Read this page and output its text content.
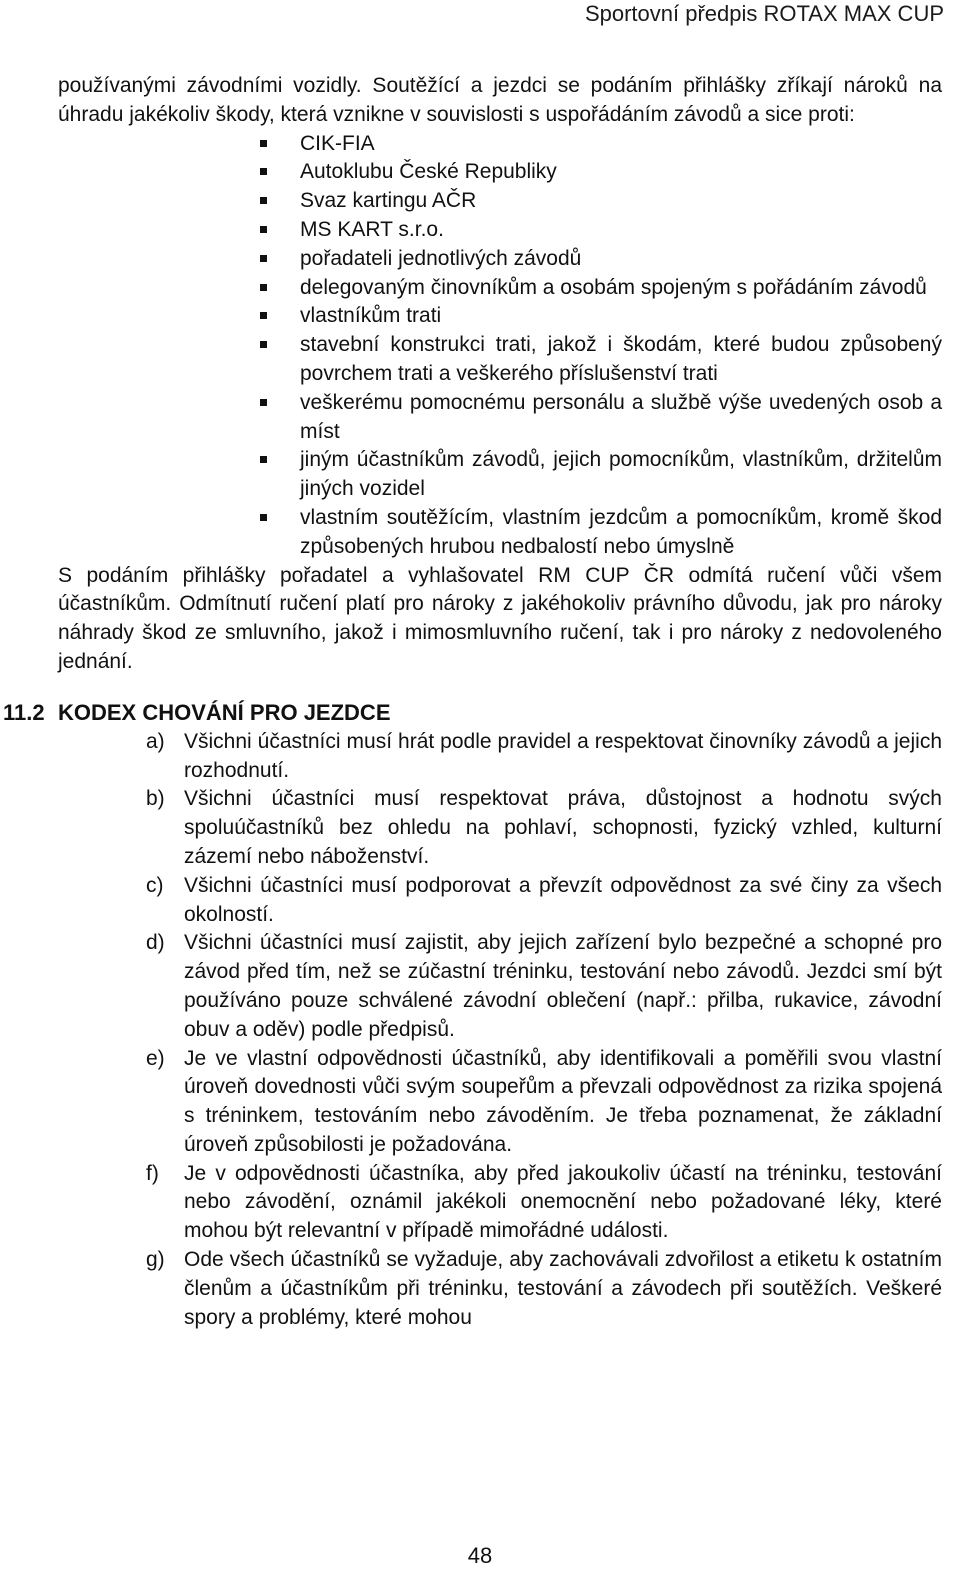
Sportovní předpis ROTAX MAX CUP

používanými závodními vozidly. Soutěžící a jezdci se podáním přihlášky zříkají nároků na úhradu jakékoliv škody, která vznikne v souvislosti s uspořádáním závodů a sice proti:

CIK-FIA
Autoklubu České Republiky
Svaz kartingu AČR
MS KART s.r.o.
pořadateli jednotlivých závodů
delegovaným činovníkům a osobám spojeným s pořádáním závodů
vlastníkům trati
stavební konstrukci trati, jakož i škodám, které budou způsobený povrchem trati a veškerého příslušenství trati
veškerému pomocnému personálu a službě výše uvedených osob a míst
jiným účastníkům závodů, jejich pomocníkům, vlastníkům, držitelům jiných vozidel
vlastním soutěžícím, vlastním jezdcům a pomocníkům, kromě škod způsobených hrubou nedbalostí nebo úmyslně

S podáním přihlášky pořadatel a vyhlašovatel RM CUP ČR odmítá ručení vůči všem účastníkům. Odmítnutí ručení platí pro nároky z jakéhokoliv právního důvodu, jak pro nároky náhrady škod ze smluvního, jakož i mimosmluvního ručení, tak i pro nároky z nedovoleného jednání.

11.2 KODEX CHOVÁNÍ PRO JEZDCE
a) Všichni účastníci musí hrát podle pravidel a respektovat činovníky závodů a jejich rozhodnutí.
b) Všichni účastníci musí respektovat práva, důstojnost a hodnotu svých spoluúčastníků bez ohledu na pohlaví, schopnosti, fyzický vzhled, kulturní zázemí nebo náboženství.
c) Všichni účastníci musí podporovat a převzít odpovědnost za své činy za všech okolností.
d) Všichni účastníci musí zajistit, aby jejich zařízení bylo bezpečné a schopné pro závod před tím, než se zúčastní tréninku, testování nebo závodů. Jezdci smí být používáno pouze schválené závodní oblečení (např.: přilba, rukavice, závodní obuv a oděv) podle předpisů.
e) Je ve vlastní odpovědnosti účastníků, aby identifikovali a poměřili svou vlastní úroveň dovednosti vůči svým soupeřům a převzali odpovědnost za rizika spojená s tréninkem, testováním nebo závoděním. Je třeba poznamenat, že základní úroveň způsobilosti je požadována.
f) Je v odpovědnosti účastníka, aby před jakoukoliv účastí na tréninku, testování nebo závodění, oznámil jakékoli onemocnění nebo požadované léky, které mohou být relevantní v případě mimořádné události.
g) Ode všech účastníků se vyžaduje, aby zachovávali zdvořilost a etiketu k ostatním členům a účastníkům při tréninku, testování a závodech při soutěžích. Veškeré spory a problémy, které mohou
48
